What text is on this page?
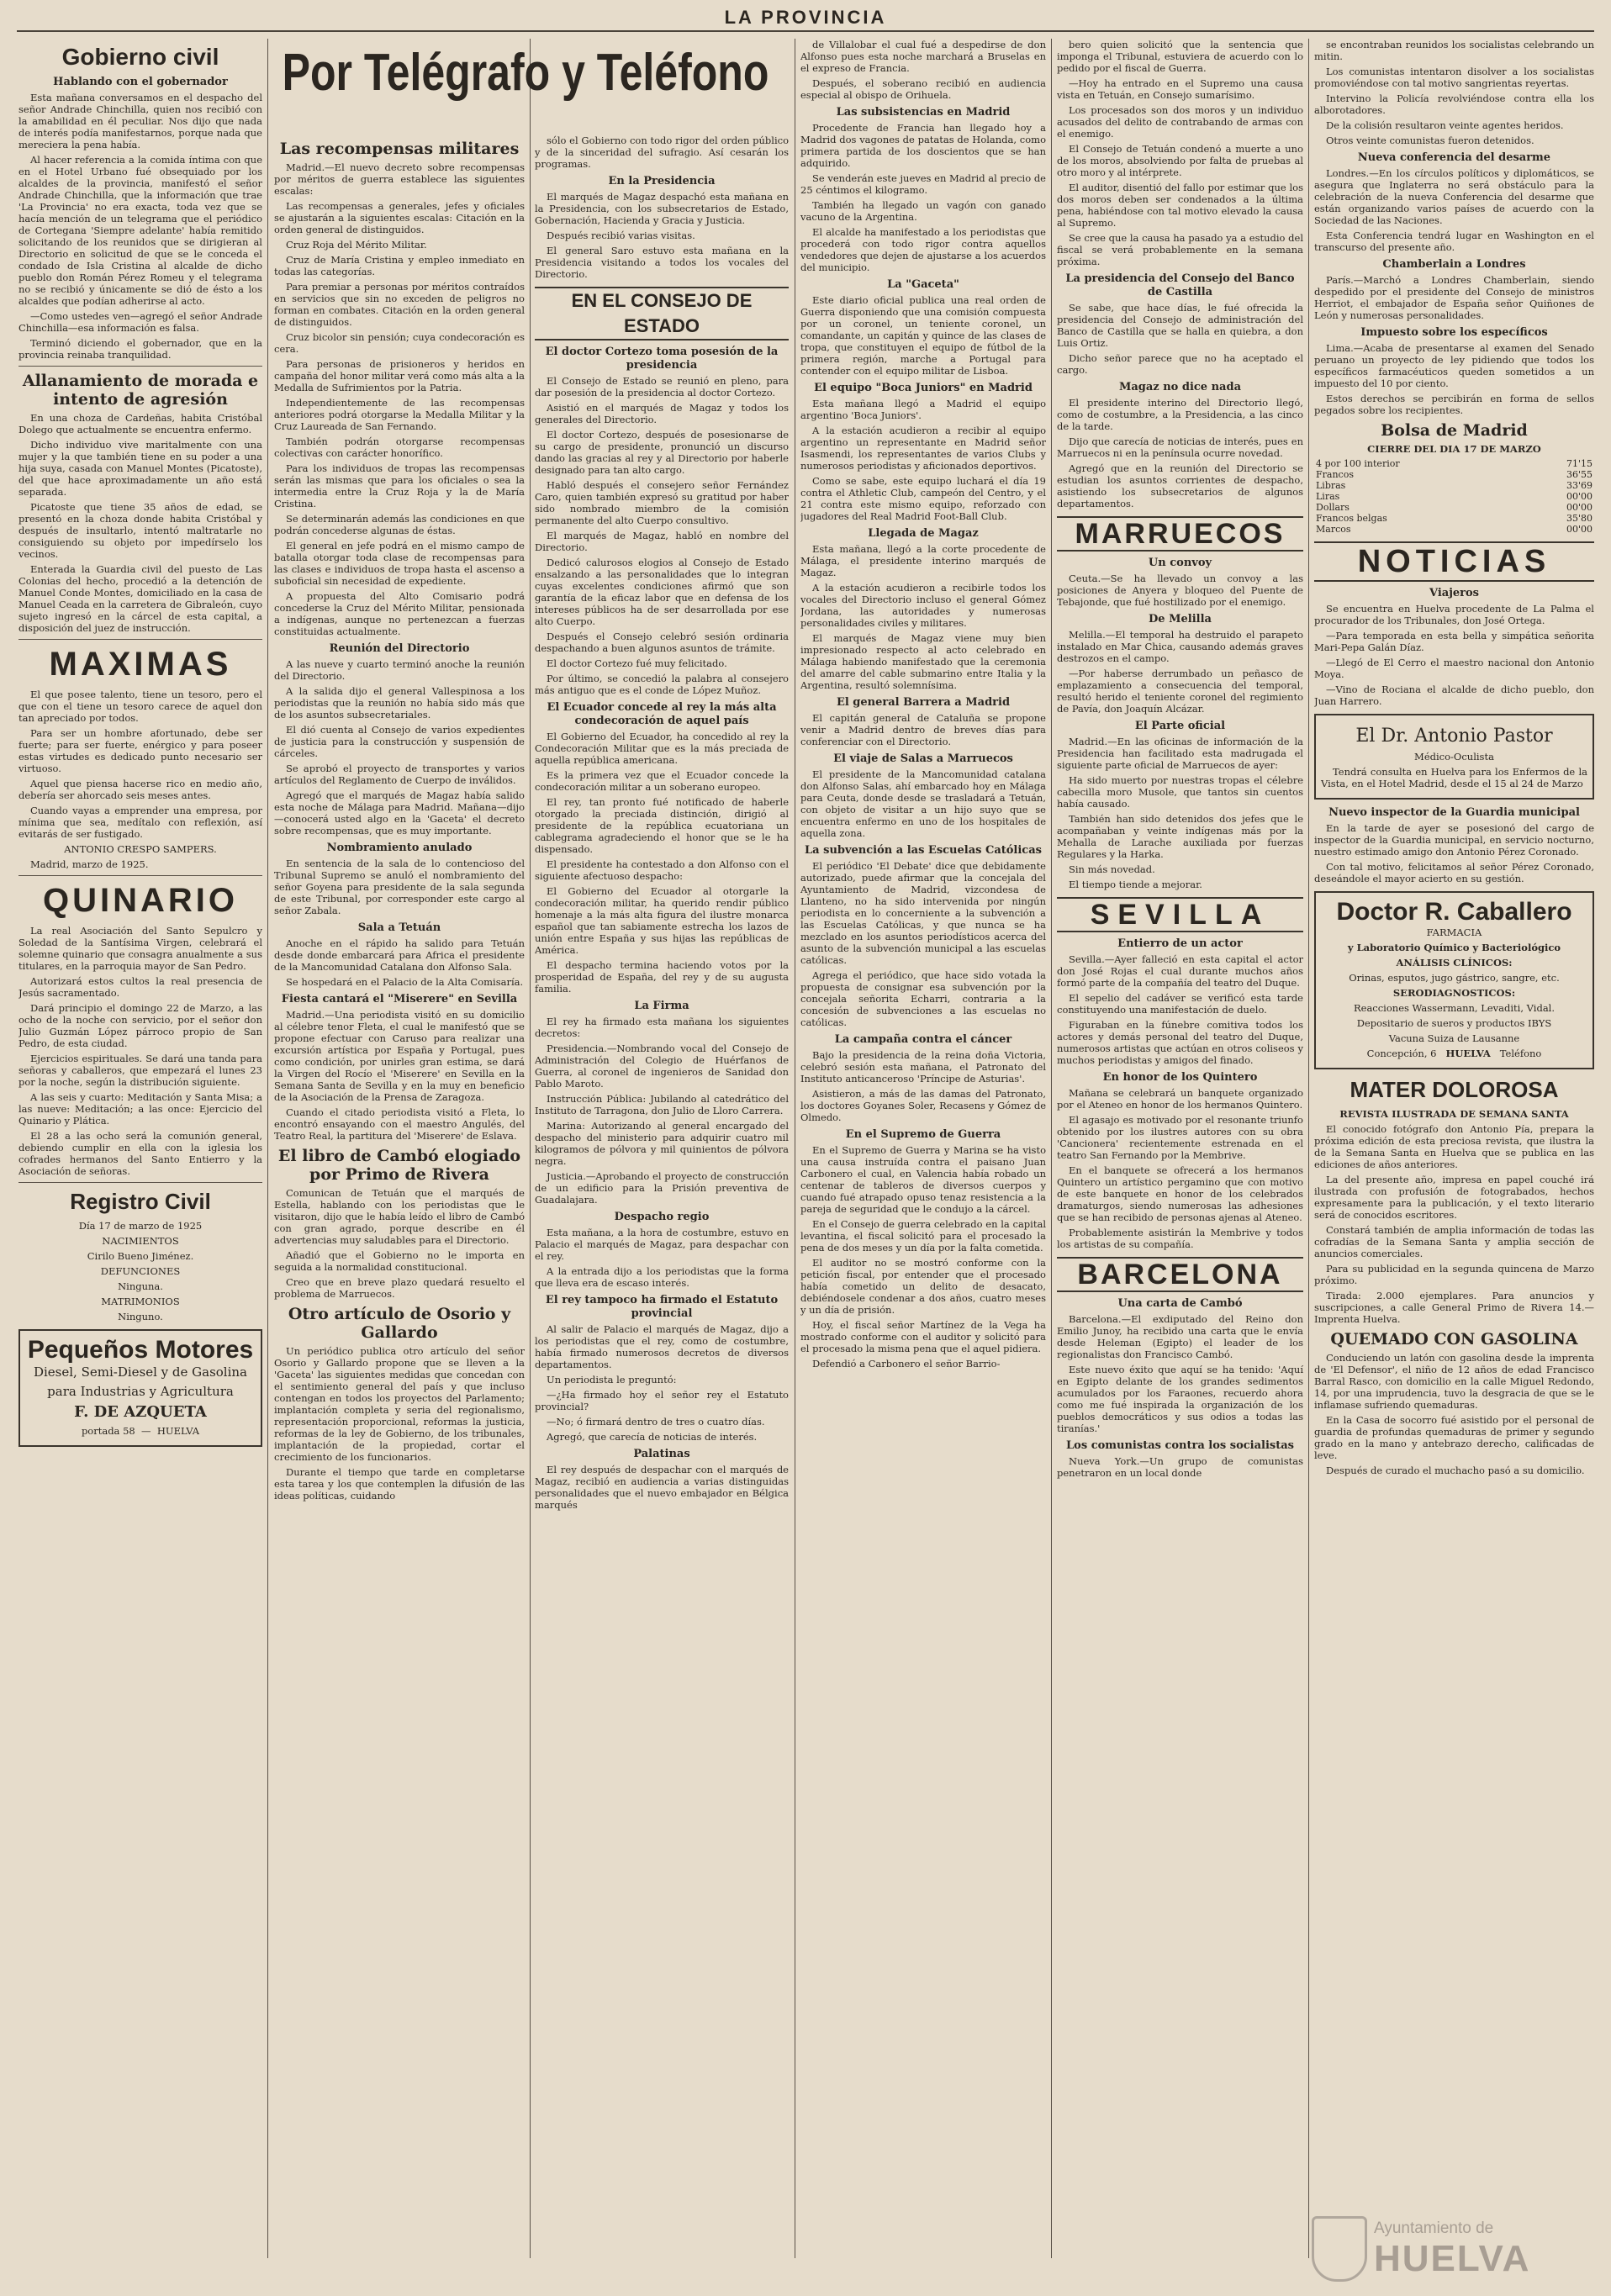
LA PROVINCIA
Gobierno civil
Hablando con el gobernador

Esta mañana conversamos en el despacho del señor Andrade Chinchilla, quien nos recibió con la amabilidad en él peculiar. Nos dijo que nada de interés podía manifestarnos, porque nada que mereciera la pena había.

Al hacer referencia a la comida íntima con que en el Hotel Urbano fué obsequiado por los alcaldes de la provincia, manifestó el señor Andrade Chinchilla, que la información que trae 'La Provincia' no era exacta, toda vez que se hacía mención de un telegrama que el periódico de Cortegana 'Siempre adelante' había remitido solicitando de los reunidos que se dirigieran al Directorio en solicitud de que se le conceda el condado de Isla Cristina al alcalde de dicho pueblo don Román Pérez Romeu y el telegrama no se recibió y únicamente se dió de ésto a los alcaldes que podían adherirse al acto.

—Como ustedes ven—agregó el señor Andrade Chinchilla—esa información es falsa.

Terminó diciendo el gobernador, que en la provincia reinaba tranquilidad.

Allanamiento de morada e intento de agresión

En una choza de Cardeñas, habita Cristóbal Dolego que actualmente se encuentra enfermo.

Dicho individuo vive maritalmente con una mujer y la que también tiene en su poder a una hija suya, casada con Manuel Montes (Picatoste), del que hace aproximadamente un año está separada.

Picatoste que tiene 35 años de edad, se presentó en la choza donde habita Cristóbal y después de insultarlo, intentó maltratarle no consiguiendo su objeto por impedírselo los vecinos.

Enterada la Guardia civil del puesto de Las Colonias del hecho, procedió a la detención de Manuel Conde Montes, domiciliado en la casa de Manuel Ceada en la carretera de Gibraleón, cuyo sujeto ingresó en la cárcel de esta capital, a disposición del juez de instrucción.

MAXIMAS

El que posee talento, tiene un tesoro, pero el que con el tiene un tesoro carece de aquel don tan apreciado por todos.

Para ser un hombre afortunado, debe ser fuerte; para ser fuerte, enérgico y para poseer estas virtudes es dedicado punto necesario ser virtuoso.

Aquel que piensa hacerse rico en medio año, debería ser ahorcado seis meses antes.

Cuando vayas a emprender una empresa, por mínima que sea, medítalo con reflexión, así evitarás de ser fustigado.

ANTONIO CRESPO SAMPERS.

Madrid, marzo de 1925.

QUINARIO

La real Asociación del Santo Sepulcro y Soledad de la Santísima Virgen, celebrará el solemne quinario que consagra anualmente a sus titulares, en la parroquia mayor de San Pedro.

Autorizará estos cultos la real presencia de Jesús sacramentado.

Dará principio el domingo 22 de Marzo, a las ocho de la noche con servicio, por el señor don Julio Guzmán López párroco propio de San Pedro, de esta ciudad.

Ejercicios espirituales. Se dará una tanda para señoras y caballeros, que empezará el lunes 23 por la noche, según la distribución siguiente.

A las seis y cuarto: Meditación y Santa Misa; a las nueve: Meditación; a las once: Ejercicio del Quinario y Plática.

El 28 a las ocho será la comunión general, debiendo cumplir en ella con la iglesia los cofrades hermanos del Santo Entierro y la Asociación de señoras.

Registro Civil

Día 17 de marzo de 1925

NACIMIENTOS

Cirilo Bueno Jiménez.

DEFUNCIONES

Ninguna.

MATRIMONIOS

Ninguno.

Pequeños Motores

Diesel, Semi-Diesel y de Gasolina

para Industrias y Agricultura

F. DE AZQUETA

portada 58  —  HUELVA

Por Telégrafo y Teléfono
Las recompensas militares

Madrid.—El nuevo decreto sobre recompensas por méritos de guerra establece las siguientes escalas:

Las recompensas a generales, jefes y oficiales se ajustarán a la siguientes escalas: Citación en la orden general de distinguidos.

Cruz Roja del Mérito Militar.

Cruz de María Cristina y empleo inmediato en todas las categorías.

Para premiar a personas por méritos contraídos en servicios que sin no exceden de peligros no forman en combates. Citación en la orden general de distinguidos.

Cruz bicolor sin pensión; cuya condecoración es cera.

Para personas de prisioneros y heridos en campaña del honor militar verá como más alta a la Medalla de Sufrimientos por la Patria.

Independientemente de las recompensas anteriores podrá otorgarse la Medalla Militar y la Cruz Laureada de San Fernando.

También podrán otorgarse recompensas colectivas con carácter honorífico.

Para los individuos de tropas las recompensas serán las mismas que para los oficiales o sea la intermedia entre la Cruz Roja y la de María Cristina.

Se determinarán además las condiciones en que podrán concederse algunas de éstas.

El general en jefe podrá en el mismo campo de batalla otorgar toda clase de recompensas para las clases e individuos de tropa hasta el ascenso a suboficial sin necesidad de expediente.

A propuesta del Alto Comisario podrá concederse la Cruz del Mérito Militar, pensionada a indígenas, aunque no pertenezcan a fuerzas constituidas actualmente.

Reunión del Directorio

A las nueve y cuarto terminó anoche la reunión del Directorio.

A la salida dijo el general Vallespinosa a los periodistas que la reunión no había sido más que de los asuntos subsecretariales.

El dió cuenta al Consejo de varios expedientes de justicia para la construcción y suspensión de cárceles.

Se aprobó el proyecto de transportes y varios artículos del Reglamento de Cuerpo de inválidos.

Agregó que el marqués de Magaz había salido esta noche de Málaga para Madrid. Mañana—dijo—conocerá usted algo en la 'Gaceta' el decreto sobre recompensas, que es muy importante.

Nombramiento anulado

En sentencia de la sala de lo contencioso del Tribunal Supremo se anuló el nombramiento del señor Goyena para presidente de la sala segunda de este Tribunal, por corresponder este cargo al señor Zabala.

Sala a Tetuán

Anoche en el rápido ha salido para Tetuán desde donde embarcará para Africa el presidente de la Mancomunidad Catalana don Alfonso Sala.

Se hospedará en el Palacio de la Alta Comisaría.

Fiesta cantará el "Miserere" en Sevilla

Madrid.—Una periodista visitó en su domicilio al célebre tenor Fleta, el cual le manifestó que se propone efectuar con Caruso para realizar una excursión artística por España y Portugal, pues como condición, por unirles gran estima, se dará la Virgen del Rocío el 'Miserere' en Sevilla en la Semana Santa de Sevilla y en la muy en beneficio de la Asociación de la Prensa de Zaragoza.

Cuando el citado periodista visitó a Fleta, lo encontró ensayando con el maestro Angulés, del Teatro Real, la partitura del 'Miserere' de Eslava.

El libro de Cambó elogiado por Primo de Rivera

Comunican de Tetuán que el marqués de Estella, hablando con los periodistas que le visitaron, dijo que le había leído el libro de Cambó con gran agrado, porque describe en él advertencias muy saludables para el Directorio.

Añadió que el Gobierno no le importa en seguida a la normalidad constitucional.

Creo que en breve plazo quedará resuelto el problema de Marruecos.

Otro artículo de Osorio y Gallardo

Un periódico publica otro artículo del señor Osorio y Gallardo propone que se lleven a la 'Gaceta' las siguientes medidas que concedan con el sentimiento general del país y que incluso contengan en todos los proyectos del Parlamento; implantación completa y seria del regionalismo, representación proporcional, reformas la justicia, reformas de la ley de Gobierno, de los tribunales, implantación de la propiedad, cortar el crecimiento de los funcionarios.

Durante el tiempo que tarde en completarse esta tarea y los que contemplen la difusión de las ideas políticas, cuidando

sólo el Gobierno con todo rigor del orden público y de la sinceridad del sufragio. Así cesarán los programas.

En la Presidencia

El marqués de Magaz despachó esta mañana en la Presidencia, con los subsecretarios de Estado, Gobernación, Hacienda y Gracia y Justicia.

Después recibió varias visitas.

El general Saro estuvo esta mañana en la Presidencia visitando a todos los vocales del Directorio.

EN EL CONSEJO DE ESTADO
El doctor Cortezo toma posesión de la presidencia

El Consejo de Estado se reunió en pleno, para dar posesión de la presidencia al doctor Cortezo.

Asistió en el marqués de Magaz y todos los generales del Directorio.

El doctor Cortezo, después de posesionarse de su cargo de presidente, pronunció un discurso dando las gracias al rey y al Directorio por haberle designado para tan alto cargo.

Habló después el consejero señor Fernández Caro, quien también expresó su gratitud por haber sido nombrado miembro de la comisión permanente del alto Cuerpo consultivo.

El marqués de Magaz, habló en nombre del Directorio.

Dedicó calurosos elogios al Consejo de Estado ensalzando a las personalidades que lo integran cuyas excelentes condiciones afirmó que son garantía de la eficaz labor que en defensa de los intereses públicos ha de ser desarrollada por ese alto Cuerpo.

Después el Consejo celebró sesión ordinaria despachando a buen algunos asuntos de trámite.

El doctor Cortezo fué muy felicitado.

Por último, se concedió la palabra al consejero más antiguo que es el conde de López Muñoz.

El Ecuador concede al rey la más alta condecoración de aquel país

El Gobierno del Ecuador, ha concedido al rey la Condecoración Militar que es la más preciada de aquella república americana.

Es la primera vez que el Ecuador concede la condecoración militar a un soberano europeo.

El rey, tan pronto fué notificado de haberle otorgado la preciada distinción, dirigió al presidente de la república ecuatoriana un cablegrama agradeciendo el honor que se le ha dispensado.

El presidente ha contestado a don Alfonso con el siguiente afectuoso despacho:

El Gobierno del Ecuador al otorgarle la condecoración militar, ha querido rendir público homenaje a la más alta figura del ilustre monarca español que tan sabiamente estrecha los lazos de unión entre España y sus hijas las repúblicas de América.

El despacho termina haciendo votos por la prosperidad de España, del rey y de su augusta familia.

La Firma

El rey ha firmado esta mañana los siguientes decretos:

Presidencia.—Nombrando vocal del Consejo de Administración del Colegio de Huérfanos de Guerra, al coronel de ingenieros de Sanidad don Pablo Maroto.

Instrucción Pública: Jubilando al catedrático del Instituto de Tarragona, don Julio de Lloro Carrera.

Marina: Autorizando al general encargado del despacho del ministerio para adquirir cuatro mil kilogramos de pólvora y mil quinientos de pólvora negra.

Justicia.—Aprobando el proyecto de construcción de un edificio para la Prisión preventiva de Guadalajara.

Despacho regio

Esta mañana, a la hora de costumbre, estuvo en Palacio el marqués de Magaz, para despachar con el rey.

A la entrada dijo a los periodistas que la forma que lleva era de escaso interés.

El rey tampoco ha firmado el Estatuto provincial

Al salir de Palacio el marqués de Magaz, dijo a los periodistas que el rey, como de costumbre, había firmado numerosos decretos de diversos departamentos.

Un periodista le preguntó:

—¿Ha firmado hoy el señor rey el Estatuto provincial?

—No; ó firmará dentro de tres o cuatro días.

Agregó, que carecía de noticias de interés.

Palatinas

El rey después de despachar con el marqués de Magaz, recibió en audiencia a varias distinguidas personalidades que el nuevo embajador en Bélgica marqués

de Villalobar el cual fué a despedirse de don Alfonso pues esta noche marchará a Bruselas en el expreso de Francia.

Después, el soberano recibió en audiencia especial al obispo de Orihuela.

Las subsistencias en Madrid

Procedente de Francia han llegado hoy a Madrid dos vagones de patatas de Holanda, como primera partida de los doscientos que se han adquirido.

Se venderán este jueves en Madrid al precio de 25 céntimos el kilogramo.

También ha llegado un vagón con ganado vacuno de la Argentina.

El alcalde ha manifestado a los periodistas que procederá con todo rigor contra aquellos vendedores que dejen de ajustarse a los acuerdos del municipio.

La "Gaceta"

Este diario oficial publica una real orden de Guerra disponiendo que una comisión compuesta por un coronel, un teniente coronel, un comandante, un capitán y quince de las clases de tropa, que constituyen el equipo de fútbol de la primera región, marche a Portugal para contender con el equipo militar de Lisboa.

El equipo "Boca Juniors" en Madrid

Esta mañana llegó a Madrid el equipo argentino 'Boca Juniors'.

A la estación acudieron a recibir al equipo argentino un representante en Madrid señor Isasmendi, los representantes de varios Clubs y numerosos periodistas y aficionados deportivos.

Como se sabe, este equipo luchará el día 19 contra el Athletic Club, campeón del Centro, y el 21 contra este mismo equipo, reforzado con jugadores del Real Madrid Foot-Ball Club.

Llegada de Magaz

Esta mañana, llegó a la corte procedente de Málaga, el presidente interino marqués de Magaz.

A la estación acudieron a recibirle todos los vocales del Directorio incluso el general Gómez Jordana, las autoridades y numerosas personalidades civiles y militares.

El marqués de Magaz viene muy bien impresionado respecto al acto celebrado en Málaga habiendo manifestado que la ceremonia del amarre del cable submarino entre Italia y la Argentina, resultó solemnísima.

El general Barrera a Madrid

El capitán general de Cataluña se propone venir a Madrid dentro de breves días para conferenciar con el Directorio.

El viaje de Salas a Marruecos

El presidente de la Mancomunidad catalana don Alfonso Salas, ahí embarcado hoy en Málaga para Ceuta, donde desde se trasladará a Tetuán, con objeto de visitar a un hijo suyo que se encuentra enfermo en uno de los hospitales de aquella zona.

La subvención a las Escuelas Católicas

El periódico 'El Debate' dice que debidamente autorizado, puede afirmar que la concejala del Ayuntamiento de Madrid, vizcondesa de Llanteno, no ha sido intervenida por ningún periodista en lo concerniente a la subvención a las Escuelas Católicas, y que nunca se ha mezclado en los asuntos periodísticos acerca del asunto de la subvención municipal a las escuelas católicas.

Agrega el periódico, que hace sido votada la propuesta de consignar esa subvención por la concejala señorita Echarri, contraria a la concesión de subvenciones a las escuelas no católicas.

La campaña contra el cáncer

Bajo la presidencia de la reina doña Victoria, celebró sesión esta mañana, el Patronato del Instituto anticanceroso 'Príncipe de Asturias'.

Asistieron, a más de las damas del Patronato, los doctores Goyanes Soler, Recasens y Gómez de Olmedo.

En el Supremo de Guerra

En el Supremo de Guerra y Marina se ha visto una causa instruída contra el paisano Juan Carbonero el cual, en Valencia había robado un centenar de tableros de diversos cuerpos y cuando fué atrapado opuso tenaz resistencia a la pareja de seguridad que le condujo a la cárcel.

En el Consejo de guerra celebrado en la capital levantina, el fiscal solicitó para el procesado la pena de dos meses y un día por la falta cometida.

El auditor no se mostró conforme con la petición fiscal, por entender que el procesado había cometido un delito de desacato, debiéndosele condenar a dos años, cuatro meses y un día de prisión.

Hoy, el fiscal señor Martínez de la Vega ha mostrado conforme con el auditor y solicitó para el procesado la misma pena que el aquel pidiera.

Defendió a Carbonero el señor Barrio-

bero quien solicitó que la sentencia que imponga el Tribunal, estuviera de acuerdo con lo pedido por el fiscal de Guerra.

—Hoy ha entrado en el Supremo una causa vista en Tetuán, en Consejo sumarísimo.

Los procesados son dos moros y un individuo acusados del delito de contrabando de armas con el enemigo.

El Consejo de Tetuán condenó a muerte a uno de los moros, absolviendo por falta de pruebas al otro moro y al intérprete.

El auditor, disentió del fallo por estimar que los dos moros deben ser condenados a la última pena, habiéndose con tal motivo elevado la causa al Supremo.

Se cree que la causa ha pasado ya a estudio del fiscal se verá probablemente en la semana próxima.

La presidencia del Consejo del Banco de Castilla

Se sabe, que hace días, le fué ofrecida la presidencia del Consejo de administración del Banco de Castilla que se halla en quiebra, a don Luis Ortiz.

Dicho señor parece que no ha aceptado el cargo.

Magaz no dice nada

El presidente interino del Directorio llegó, como de costumbre, a la Presidencia, a las cinco de la tarde.

Dijo que carecía de noticias de interés, pues en Marruecos ni en la península ocurre novedad.

Agregó que en la reunión del Directorio se estudian los asuntos corrientes de despacho, asistiendo los subsecretarios de algunos departamentos.

MARRUECOS
Un convoy

Ceuta.—Se ha llevado un convoy a las posiciones de Anyera y bloqueo del Puente de Tebajonde, que fué hostilizado por el enemigo.

De Melilla

Melilla.—El temporal ha destruido el parapeto instalado en Mar Chica, causando además graves destrozos en el campo.

—Por haberse derrumbado un peñasco de emplazamiento a consecuencia del temporal, resultó herido el teniente coronel del regimiento de Pavía, don Joaquín Alcázar.

El Parte oficial

Madrid.—En las oficinas de información de la Presidencia han facilitado esta madrugada el siguiente parte oficial de Marruecos de ayer:

Ha sido muerto por nuestras tropas el célebre cabecilla moro Musole, que tantos sin cuentos había causado.

También han sido detenidos dos jefes que le acompañaban y veinte indígenas más por la Mehalla de Larache auxiliada por fuerzas Regulares y la Harka.

Sin más novedad.

El tiempo tiende a mejorar.

SEVILLA
Entierro de un actor

Sevilla.—Ayer falleció en esta capital el actor don José Rojas el cual durante muchos años formó parte de la compañía del teatro del Duque.

El sepelio del cadáver se verificó esta tarde constituyendo una manifestación de duelo.

Figuraban en la fúnebre comitiva todos los actores y demás personal del teatro del Duque, numerosos artistas que actúan en otros coliseos y muchos periodistas y amigos del finado.

En honor de los Quintero

Mañana se celebrará un banquete organizado por el Ateneo en honor de los hermanos Quintero.

El agasajo es motivado por el resonante triunfo obtenido por los ilustres autores con su obra 'Cancionera' recientemente estrenada en el teatro San Fernando por la Membrive.

En el banquete se ofrecerá a los hermanos Quintero un artístico pergamino que con motivo de este banquete en honor de los celebrados dramaturgos, siendo numerosas las adhesiones que se han recibido de personas ajenas al Ateneo.

Probablemente asistirán la Membrive y todos los artistas de su compañía.

BARCELONA
Una carta de Cambó

Barcelona.—El exdiputado del Reino don Emilio Junoy, ha recibido una carta que le envía desde Heleman (Egipto) el leader de los regionalistas don Francisco Cambó.

Este nuevo éxito que aquí se ha tenido: 'Aquí en Egipto delante de los grandes sedimentos acumulados por los Faraones, recuerdo ahora como me fué inspirada la organización de los pueblos democráticos y sus odios a todas las tiranías.'

Los comunistas contra los socialistas

Nueva York.—Un grupo de comunistas penetraron en un local donde

se encontraban reunidos los socialistas celebrando un mitin.

Los comunistas intentaron disolver a los socialistas promoviéndose con tal motivo sangrientas reyertas.

Intervino la Policía revolviéndose contra ella los alborotadores.

De la colisión resultaron veinte agentes heridos.

Otros veinte comunistas fueron detenidos.

Nueva conferencia del desarme

Londres.—En los círculos políticos y diplomáticos, se asegura que Inglaterra no será obstáculo para la celebración de la nueva Conferencia del desarme que están organizando varios países de acuerdo con la Sociedad de las Naciones.

Esta Conferencia tendrá lugar en Washington en el transcurso del presente año.

Chamberlain a Londres

París.—Marchó a Londres Chamberlain, siendo despedido por el presidente del Consejo de ministros Herriot, el embajador de España señor Quiñones de León y numerosas personalidades.

Impuesto sobre los específicos

Lima.—Acaba de presentarse al examen del Senado peruano un proyecto de ley pidiendo que todos los específicos farmacéuticos queden sometidos a un impuesto del 10 por ciento.

Estos derechos se percibirán en forma de sellos pegados sobre los recipientes.

Bolsa de Madrid

CIERRE DEL DIA 17 DE MARZO

4 por 100 interior	71'15
Francos	36'55
Libras	33'69
Liras	00'00
Dollars	00'00
Francos belgas	35'80
Marcos	00'00
NOTICIAS
Viajeros

Se encuentra en Huelva procedente de La Palma el procurador de los Tribunales, don José Ortega.

—Para temporada en esta bella y simpática señorita Mari-Pepa Galán Díaz.

—Llegó de El Cerro el maestro nacional don Antonio Moya.

—Vino de Rociana el alcalde de dicho pueblo, don Juan Harrero.

El Dr. Antonio Pastor

Médico-Oculista

Tendrá consulta en Huelva para los Enfermos de la Vista, en el Hotel Madrid, desde el 15 al 24 de Marzo

Nuevo inspector de la Guardia municipal

En la tarde de ayer se posesionó del cargo de inspector de la Guardia municipal, en servicio nocturno, nuestro estimado amigo don Antonio Pérez Coronado.

Con tal motivo, felicitamos al señor Pérez Coronado, deseándole el mayor acierto en su gestión.

Doctor R. Caballero

FARMACIA

y Laboratorio Químico y Bacteriológico

ANÁLISIS CLÍNICOS:

Orinas, esputos, jugo gástrico, sangre, etc.

SERODIAGNOSTICOS:

Reacciones Wassermann, Levaditi, Vidal.

Depositario de sueros y productos IBYS

Vacuna Suiza de Lausanne

Concepción, 6 HUELVA Teléfono

MATER DOLOROSA

REVISTA ILUSTRADA DE SEMANA SANTA

El conocido fotógrafo don Antonio Pía, prepara la próxima edición de esta preciosa revista, que ilustra la de la Semana Santa en Huelva que se publica en las ediciones de años anteriores.

La del presente año, impresa en papel couché irá ilustrada con profusión de fotograbados, hechos expresamente para la publicación, y el texto literario será de conocidos escritores.

Constará también de amplia información de todas las cofradías de la Semana Santa y amplia sección de anuncios comerciales.

Para su publicidad en la segunda quincena de Marzo próximo.

Tirada: 2.000 ejemplares. Para anuncios y suscripciones, a calle General Primo de Rivera 14.—Imprenta Huelva.

QUEMADO CON GASOLINA

Conduciendo un latón con gasolina desde la imprenta de 'El Defensor', el niño de 12 años de edad Francisco Barral Rasco, con domicilio en la calle Miguel Redondo, 14, por una imprudencia, tuvo la desgracia de que se le inflamase sufriendo quemaduras.

En la Casa de socorro fué asistido por el personal de guardia de profundas quemaduras de primer y segundo grado en la mano y antebrazo derecho, calificadas de leve.

Después de curado el muchacho pasó a su domicilio.

Ayuntamiento de
HUELVA
